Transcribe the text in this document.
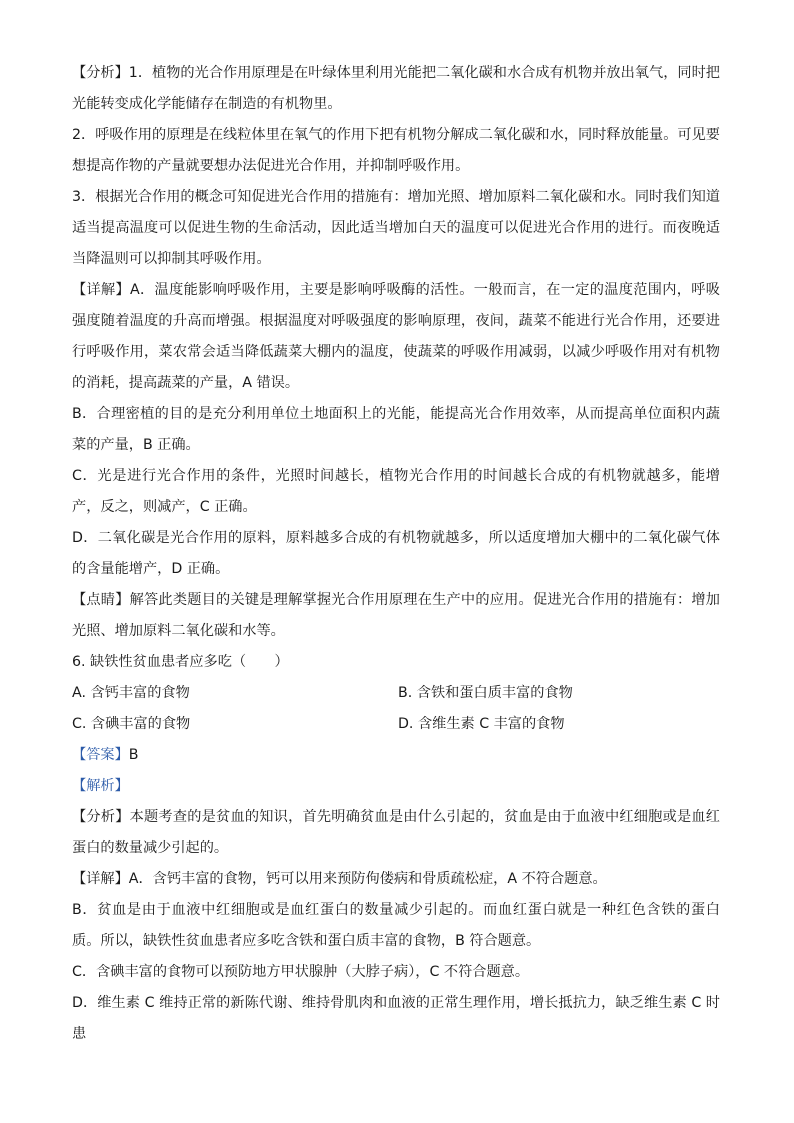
【分析】1．植物的光合作用原理是在叶绿体里利用光能把二氧化碳和水合成有机物并放出氧气，同时把光能转变成化学能储存在制造的有机物里。

2．呼吸作用的原理是在线粒体里在氧气的作用下把有机物分解成二氧化碳和水，同时释放能量。可见要想提高作物的产量就要想办法促进光合作用，并抑制呼吸作用。

3．根据光合作用的概念可知促进光合作用的措施有：增加光照、增加原料二氧化碳和水。同时我们知道适当提高温度可以促进生物的生命活动，因此适当增加白天的温度可以促进光合作用的进行。而夜晚适当降温则可以抑制其呼吸作用。

【详解】A．温度能影响呼吸作用，主要是影响呼吸酶的活性。一般而言，在一定的温度范围内，呼吸强度随着温度的升高而增强。根据温度对呼吸强度的影响原理，夜间，蔬菜不能进行光合作用，还要进行呼吸作用，菜农常会适当降低蔬菜大棚内的温度，使蔬菜的呼吸作用减弱，以减少呼吸作用对有机物的消耗，提高蔬菜的产量，A 错误。

B．合理密植的目的是充分利用单位土地面积上的光能，能提高光合作用效率，从而提高单位面积内蔬菜的产量，B 正确。

C．光是进行光合作用的条件，光照时间越长，植物光合作用的时间越长合成的有机物就越多，能增产，反之，则减产，C 正确。

D．二氧化碳是光合作用的原料，原料越多合成的有机物就越多，所以适度增加大棚中的二氧化碳气体的含量能增产，D 正确。

【点睛】解答此类题目的关键是理解掌握光合作用原理在生产中的应用。促进光合作用的措施有：增加光照、增加原料二氧化碳和水等。

6. 缺铁性贫血患者应多吃（　　）

A. 含钙丰富的食物	B. 含铁和蛋白质丰富的食物
C. 含碘丰富的食物	D. 含维生素 C 丰富的食物

【答案】B

【解析】

【分析】本题考查的是贫血的知识，首先明确贫血是由什么引起的，贫血是由于血液中红细胞或是血红蛋白的数量减少引起的。

【详解】A．含钙丰富的食物，钙可以用来预防佝偻病和骨质疏松症，A 不符合题意。

B．贫血是由于血液中红细胞或是血红蛋白的数量减少引起的。而血红蛋白就是一种红色含铁的蛋白质。所以，缺铁性贫血患者应多吃含铁和蛋白质丰富的食物，B 符合题意。

C．含碘丰富的食物可以预防地方甲状腺肿（大脖子病），C 不符合题意。

D．维生素 C 维持正常的新陈代谢、维持骨肌肉和血液的正常生理作用，增长抵抗力，缺乏维生素 C 时患
